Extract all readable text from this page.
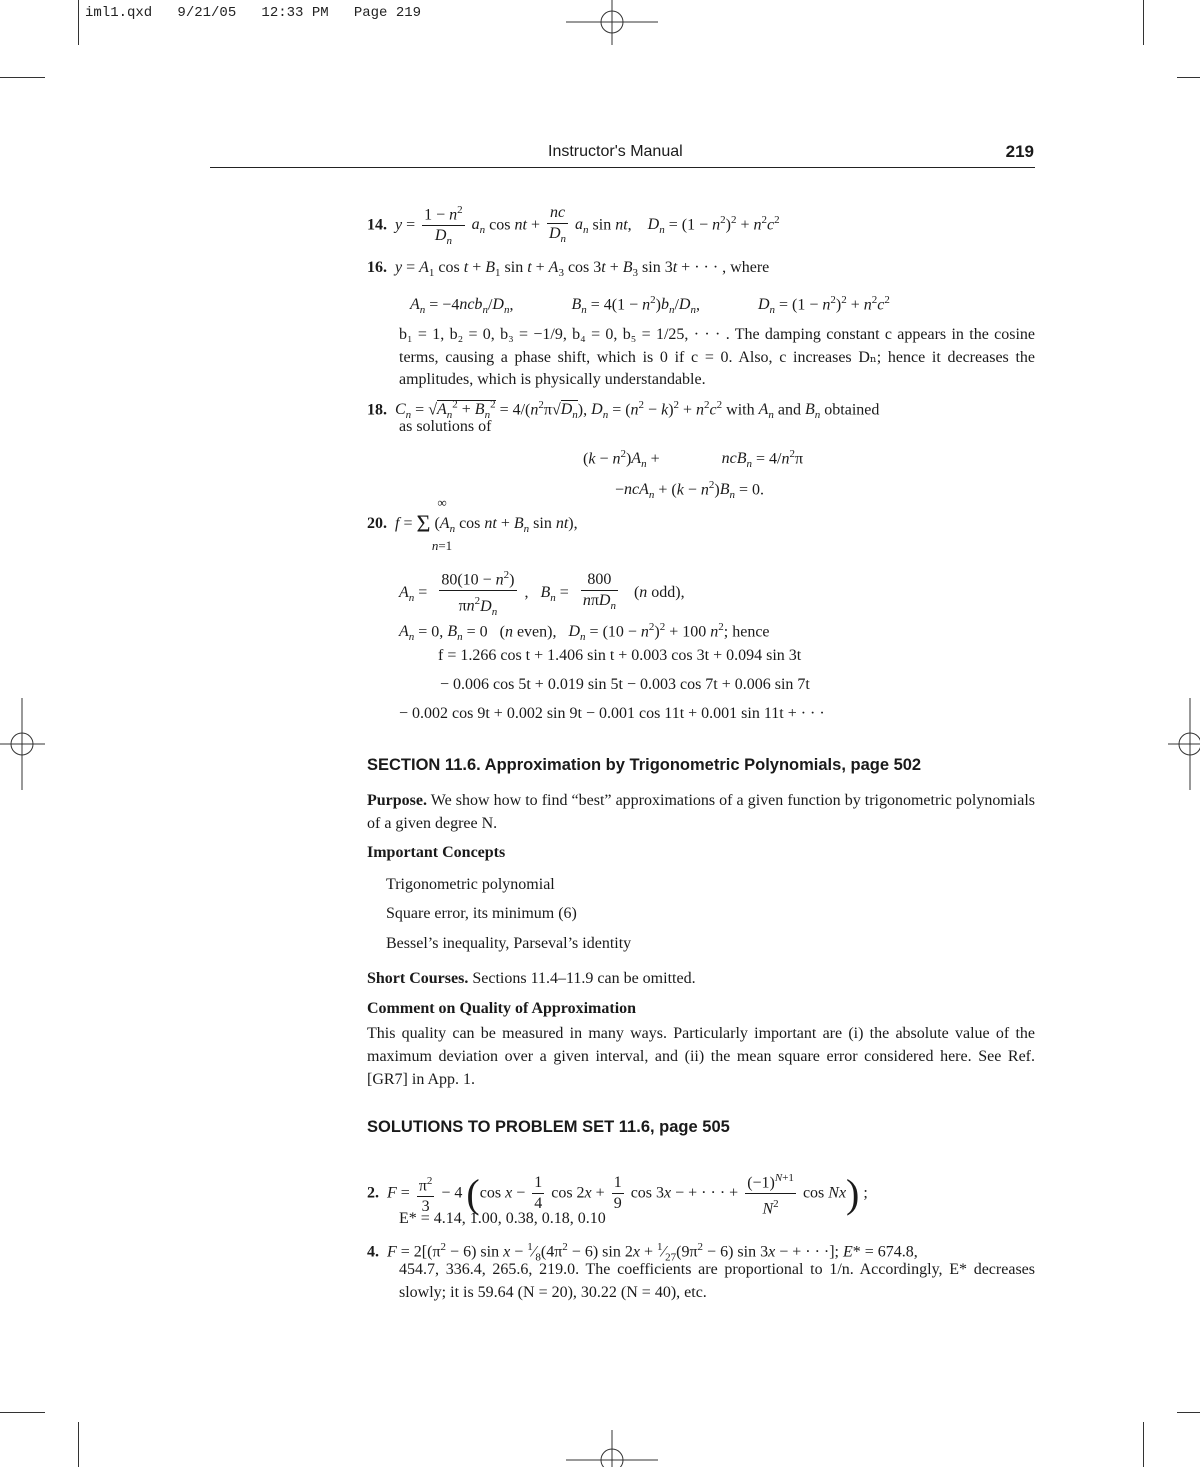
iml1.qxd   9/21/05   12:33 PM   Page 219
Instructor's Manual	219
14.  $y = \frac{1 - n^2}{D_n} a_n$ cos nt + $\frac{nc}{D_n} a_n$ sin nt,    $D_n = (1 - n^2)^2 + n^2c^2$
16.  $y = A_1$ $\cos t + B_1$ $\sin t + A_3$ $\cos 3t + B_3$ sin 3t + · · · , where
$A_n = -4ncb_n/D_n$,	$B_n = 4(1 - n^2)b_n/D_n$,	$D_n = (1 - n^2)^2 + n^2c^2$
b₁ = 1, b₂ = 0, b₃ = −1/9, b₄ = 0, b₅ = 1/25, · · · . The damping constant c appears in the cosine terms, causing a phase shift, which is 0 if c = 0. Also, c increases Dₙ; hence it decreases the amplitudes, which is physically understandable.
18.  $C_n = √A_n^2 + B_n^2 = 4/(n^2\pi√D_n)$, $D_n = (n^2 - k)^2 + n^2c^2$ with $A_n$ and $B_n$ obtained
as solutions of
$(k - n^2)A_n$ +	$ncB_n = 4/n^2\pi$
$-ncA_n + (k - n^2)B_n = 0$.
∞
20.  f = Σ ($A_n$ cos nt + $B_n$ sin nt),
n=1
$A_n = \frac{80(10 - n^2)}{\pi n^2D_n}$ ,   $B_n = \frac{800}{n\pi D_n} (n$ odd),
$A_n = 0$, $B_n = 0$   (n even),   $D_n = (10 - n^2)^2 + 100$ $n^2$; hence
f = 1.266 cos t + 1.406 sin t + 0.003 cos 3t + 0.094 sin 3t
− 0.006 cos 5t + 0.019 sin 5t − 0.003 cos 7t + 0.006 sin 7t
− 0.002 cos 9t + 0.002 sin 9t − 0.001 cos 11t + 0.001 sin 11t + · · ·
SECTION 11.6. Approximation by Trigonometric Polynomials, page 502
Purpose. We show how to find “best” approximations of a given function by trigonometric polynomials of a given degree N.
Important Concepts
Trigonometric polynomial
Square error, its minimum (6)
Bessel’s inequality, Parseval’s identity
Short Courses. Sections 11.4–11.9 can be omitted.
Comment on Quality of Approximation
This quality can be measured in many ways. Particularly important are (i) the absolute value of the maximum deviation over a given interval, and (ii) the mean square error considered here. See Ref. [GR7] in App. 1.
SOLUTIONS TO PROBLEM SET 11.6, page 505
2.  $F = \frac{\pi^2}{3} - 4$ (cos $x - \frac{1}{4}$ $\cos 2x + \frac{1}{9}$ cos 3x − + · · · + $\frac{(-1)^{N+1}}{N^2}$ cos Nx) ;
E* = 4.14, 1.00, 0.38, 0.18, 0.10
4.  $F = 2[(\pi^2 - 6)$ $\sin x - ^1⁄_8(4\pi^2 - 6)$ $\sin 2x + ^1⁄_{27}(9\pi^2 - 6)$ sin 3x − + · · ·]; E* = 674.8,
454.7, 336.4, 265.6, 219.0. The coefficients are proportional to 1/n. Accordingly, E* decreases slowly; it is 59.64 (N = 20), 30.22 (N = 40), etc.
